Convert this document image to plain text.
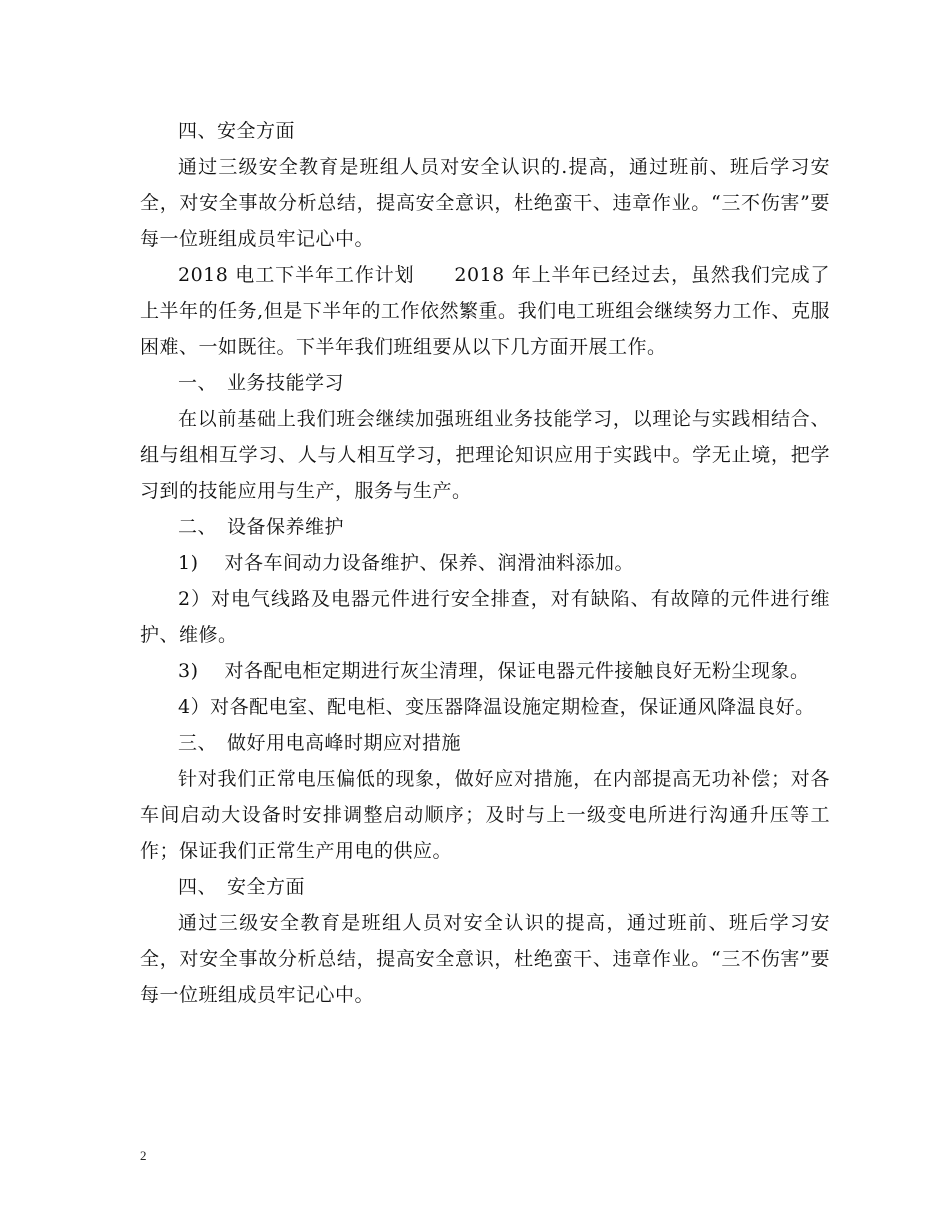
四、安全方面

通过三级安全教育是班组人员对安全认识的.提高，通过班前、班后学习安全，对安全事故分析总结，提高安全意识，杜绝蛮干、违章作业。“三不伤害”要每一位班组成员牢记心中。

2018 电工下半年工作计划　　2018 年上半年已经过去，虽然我们完成了上半年的任务,但是下半年的工作依然繁重。我们电工班组会继续努力工作、克服困难、一如既往。下半年我们班组要从以下几方面开展工作。

一、　业务技能学习

在以前基础上我们班会继续加强班组业务技能学习，以理论与实践相结合、组与组相互学习、人与人相互学习，把理论知识应用于实践中。学无止境，把学习到的技能应用与生产，服务与生产。

二、　设备保养维护

1)　 对各车间动力设备维护、保养、润滑油料添加。

2）对电气线路及电器元件进行安全排查，对有缺陷、有故障的元件进行维护、维修。

3)　 对各配电柜定期进行灰尘清理，保证电器元件接触良好无粉尘现象。

4）对各配电室、配电柜、变压器降温设施定期检查，保证通风降温良好。

三、　做好用电高峰时期应对措施

针对我们正常电压偏低的现象，做好应对措施，在内部提高无功补偿；对各车间启动大设备时安排调整启动顺序；及时与上一级变电所进行沟通升压等工作；保证我们正常生产用电的供应。

四、　安全方面

通过三级安全教育是班组人员对安全认识的提高，通过班前、班后学习安全，对安全事故分析总结，提高安全意识，杜绝蛮干、违章作业。“三不伤害”要每一位班组成员牢记心中。

2
